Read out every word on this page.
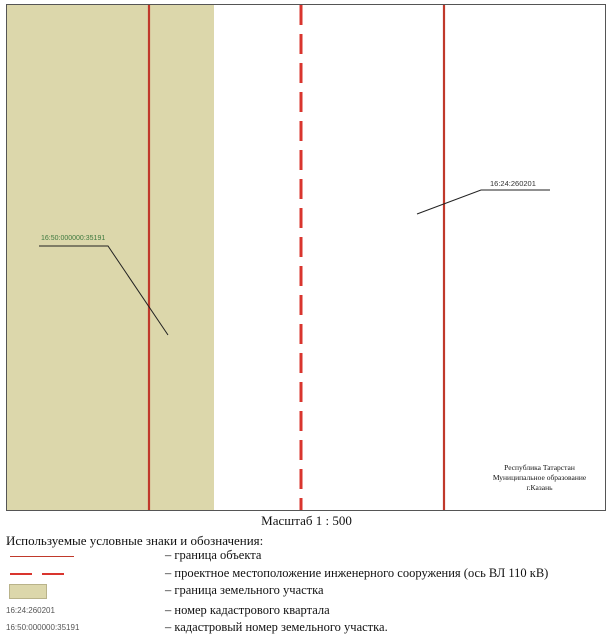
16:50:000000:35191
16:24:260201
Республика Татарстан
Муниципальное образование
г.Казань
Масштаб 1 : 500
Используемые условные знаки и обозначения:
– граница объекта
– проектное местоположение инженерного сооружения (ось ВЛ 110 кВ)
– граница земельного участка
16:24:260201	– номер кадастрового квартала
16:50:000000:35191	– кадастровый номер земельного участка.
